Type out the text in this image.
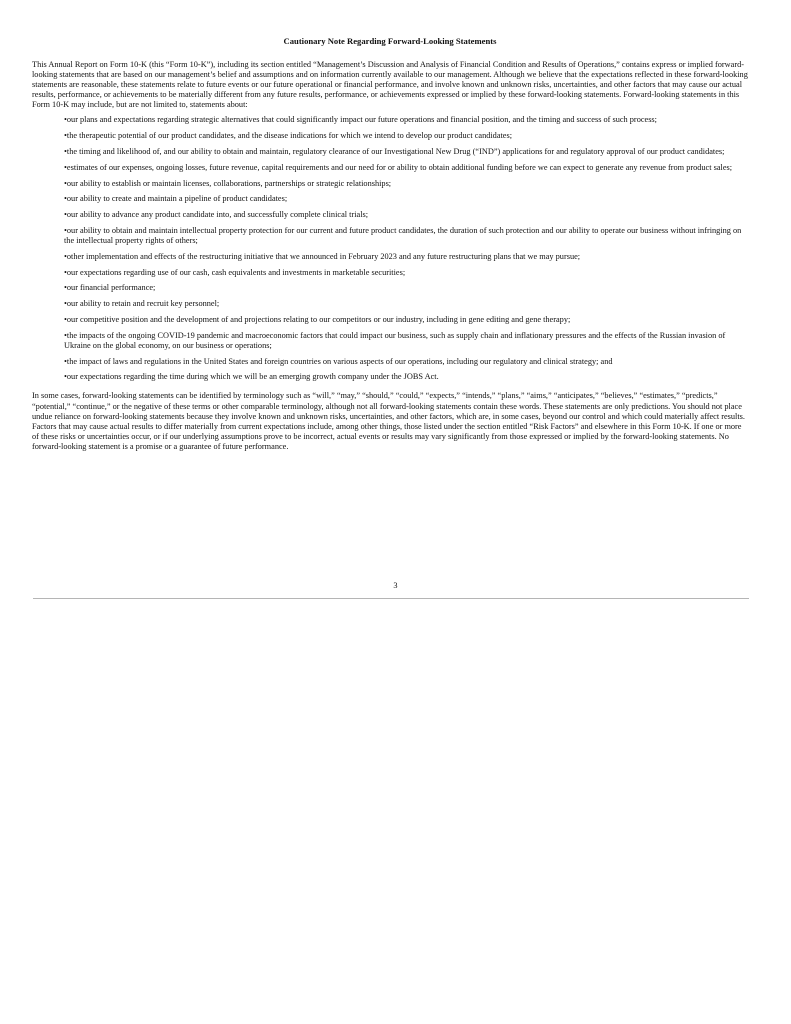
Cautionary Note Regarding Forward-Looking Statements

This Annual Report on Form 10-K (this “Form 10-K”), including its section entitled “Management’s Discussion and Analysis of Financial Condition and Results of Operations,” contains express or implied forward-looking statements that are based on our management’s belief and assumptions and on information currently available to our management. Although we believe that the expectations reflected in these forward-looking statements are reasonable, these statements relate to future events or our future operational or financial performance, and involve known and unknown risks, uncertainties, and other factors that may cause our actual results, performance, or achievements to be materially different from any future results, performance, or achievements expressed or implied by these forward-looking statements. Forward-looking statements in this Form 10-K may include, but are not limited to, statements about:

•our plans and expectations regarding strategic alternatives that could significantly impact our future operations and financial position, and the timing and success of such process;
•the therapeutic potential of our product candidates, and the disease indications for which we intend to develop our product candidates;
•the timing and likelihood of, and our ability to obtain and maintain, regulatory clearance of our Investigational New Drug (“IND”) applications for and regulatory approval of our product candidates;
•estimates of our expenses, ongoing losses, future revenue, capital requirements and our need for or ability to obtain additional funding before we can expect to generate any revenue from product sales;
•our ability to establish or maintain licenses, collaborations, partnerships or strategic relationships;
•our ability to create and maintain a pipeline of product candidates;
•our ability to advance any product candidate into, and successfully complete clinical trials;
•our ability to obtain and maintain intellectual property protection for our current and future product candidates, the duration of such protection and our ability to operate our business without infringing on the intellectual property rights of others;
•other implementation and effects of the restructuring initiative that we announced in February 2023 and any future restructuring plans that we may pursue;
•our expectations regarding use of our cash, cash equivalents and investments in marketable securities;
•our financial performance;
•our ability to retain and recruit key personnel;
•our competitive position and the development of and projections relating to our competitors or our industry, including in gene editing and gene therapy;
•the impacts of the ongoing COVID-19 pandemic and macroeconomic factors that could impact our business, such as supply chain and inflationary pressures and the effects of the Russian invasion of Ukraine on the global economy, on our business or operations;
•the impact of laws and regulations in the United States and foreign countries on various aspects of our operations, including our regulatory and clinical strategy; and
•our expectations regarding the time during which we will be an emerging growth company under the JOBS Act.

In some cases, forward-looking statements can be identified by terminology such as “will,” “may,” “should,” “could,” “expects,” “intends,” “plans,” “aims,” “anticipates,” “believes,” “estimates,” “predicts,” “potential,” “continue,” or the negative of these terms or other comparable terminology, although not all forward-looking statements contain these words. These statements are only predictions. You should not place undue reliance on forward-looking statements because they involve known and unknown risks, uncertainties, and other factors, which are, in some cases, beyond our control and which could materially affect results. Factors that may cause actual results to differ materially from current expectations include, among other things, those listed under the section entitled “Risk Factors” and elsewhere in this Form 10-K. If one or more of these risks or uncertainties occur, or if our underlying assumptions prove to be incorrect, actual events or results may vary significantly from those expressed or implied by the forward-looking statements. No forward-looking statement is a promise or a guarantee of future performance.

3
